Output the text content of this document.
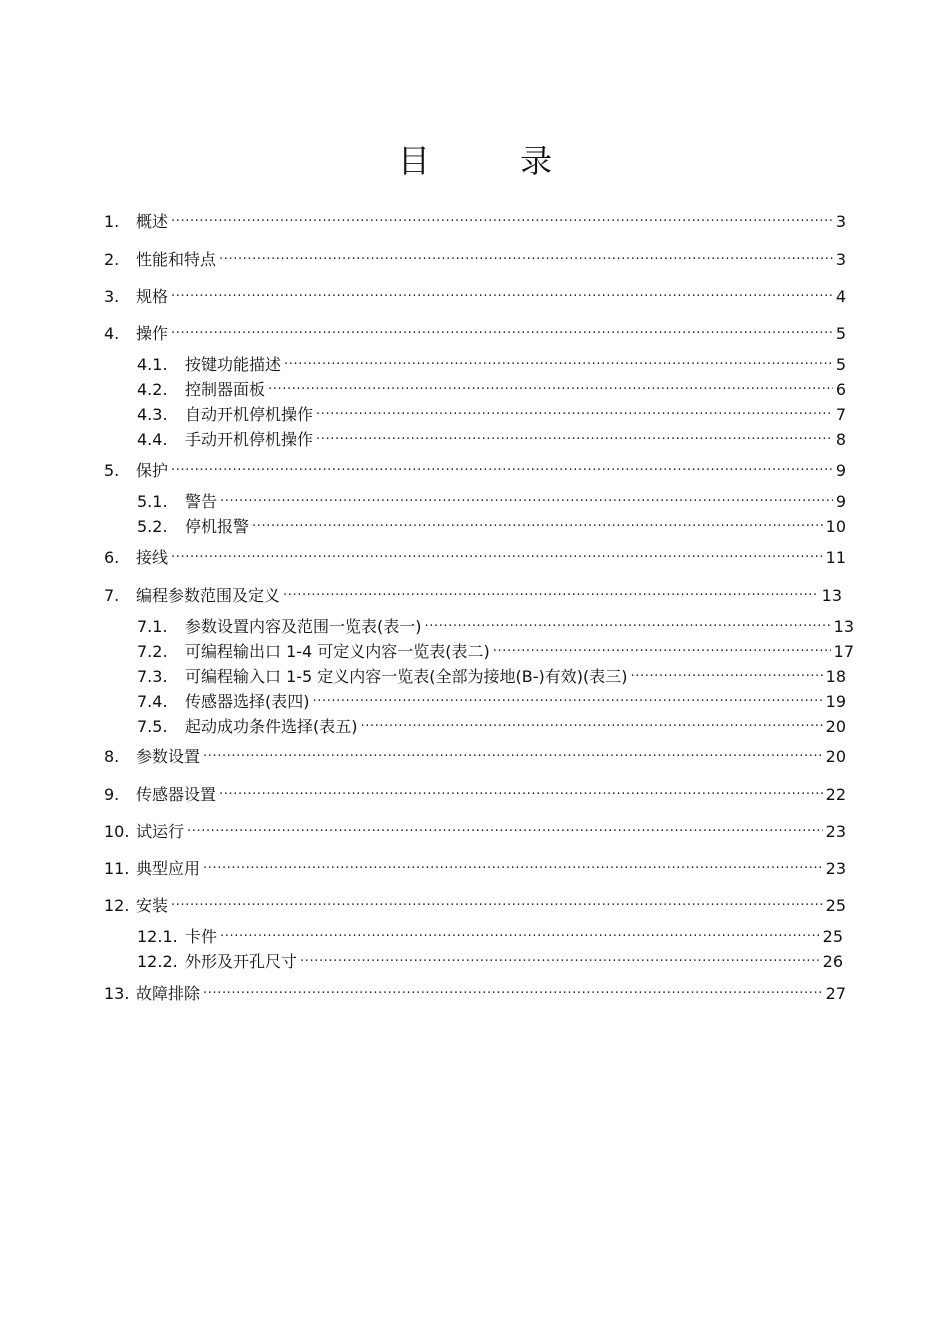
目 录
1.	概述 .....	3
2.	性能和特点 .....	3
3.	规格 .....	4
4.	操作 .....	5
4.1.	按键功能描述 .....	5
4.2.	控制器面板 .....	6
4.3.	自动开机停机操作 .....	7
4.4.	手动开机停机操作 .....	8
5.	保护 .....	9
5.1.	警告 .....	9
5.2.	停机报警 .....	10
6.	接线 .....	11
7.	编程参数范围及定义 .....	13
7.1.	参数设置内容及范围一览表(表一) .....	13
7.2.	可编程输出口 1-4 可定义内容一览表(表二) .....	17
7.3.	可编程输入口 1-5 定义内容一览表(全部为接地(B-)有效)(表三) .....	18
7.4.	传感器选择(表四) .....	19
7.5.	起动成功条件选择(表五) .....	20
8.	参数设置 .....	20
9.	传感器设置 .....	22
10. 试运行 .....	23
11. 典型应用 .....	23
12. 安装 .....	25
12.1. 卡件 .....	25
12.2. 外形及开孔尺寸 .....	26
13. 故障排除 .....	27
